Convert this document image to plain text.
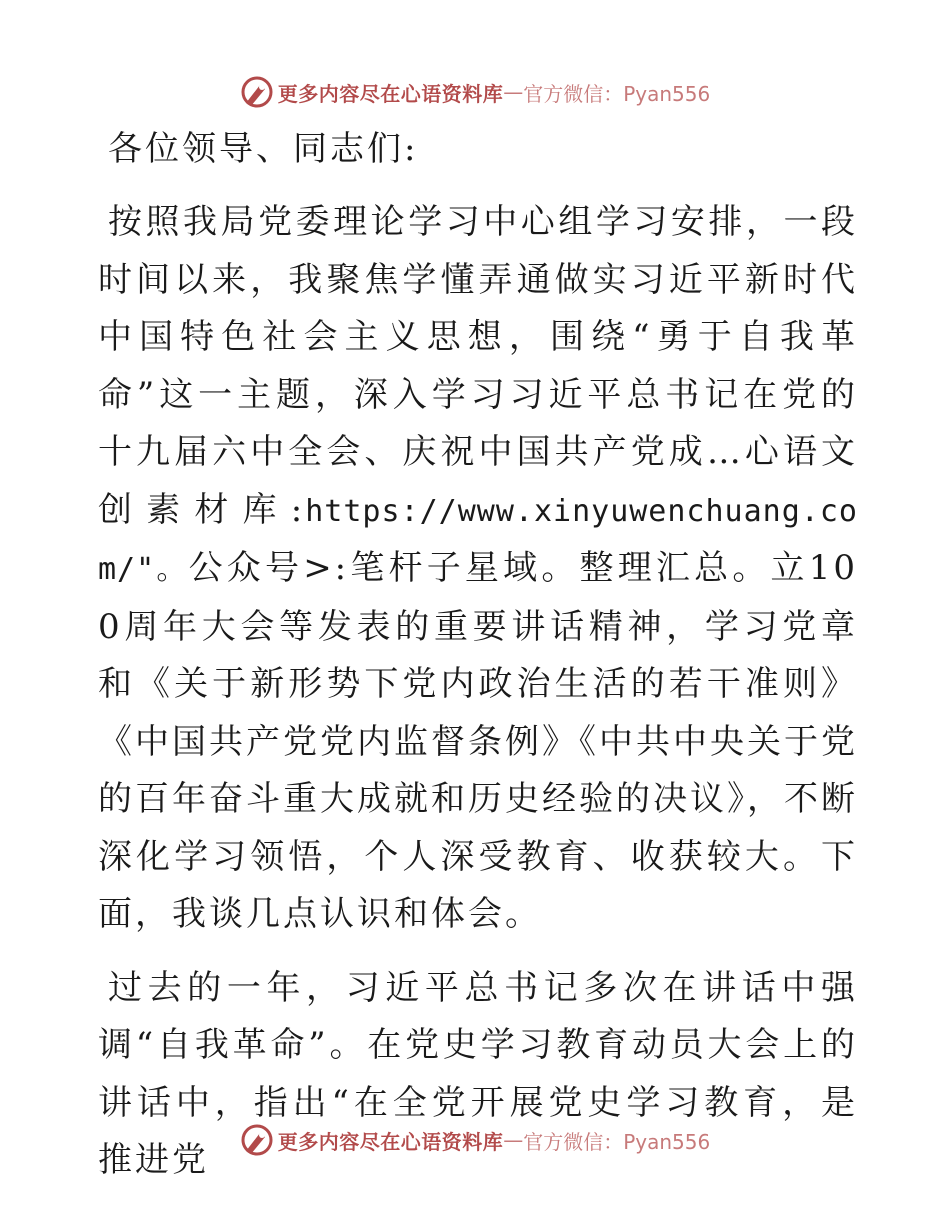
更多内容尽在心语资料库 — 官方微信：Pyan556
各位领导、同志们:

按照我局党委理论学习中心组学习安排，一段时间以来，我聚焦学懂弄通做实习近平新时代中国特色社会主义思想，围绕“勇于自我革命”这一主题，深入学习习近平总书记在党的十九届六中全会、庆祝中国共产党成…心语文创素材库:https://www.xinyuwenchuang.com/"。公众号>:笔杆子星域。整理汇总。立100周年大会等发表的重要讲话精神，学习党章和《关于新形势下党内政治生活的若干准则》《中国共产党党内监督条例》《中共中央关于党的百年奋斗重大成就和历史经验的决议》，不断深化学习领悟，个人深受教育、收获较大。下面，我谈几点认识和体会。

过去的一年，习近平总书记多次在讲话中强调“自我革命”。在党史学习教育动员大会上的讲话中，指出“在全党开展党史学习教育，是推进党	更多内容尽在心语资料库 — 官方微信：Pyan556
